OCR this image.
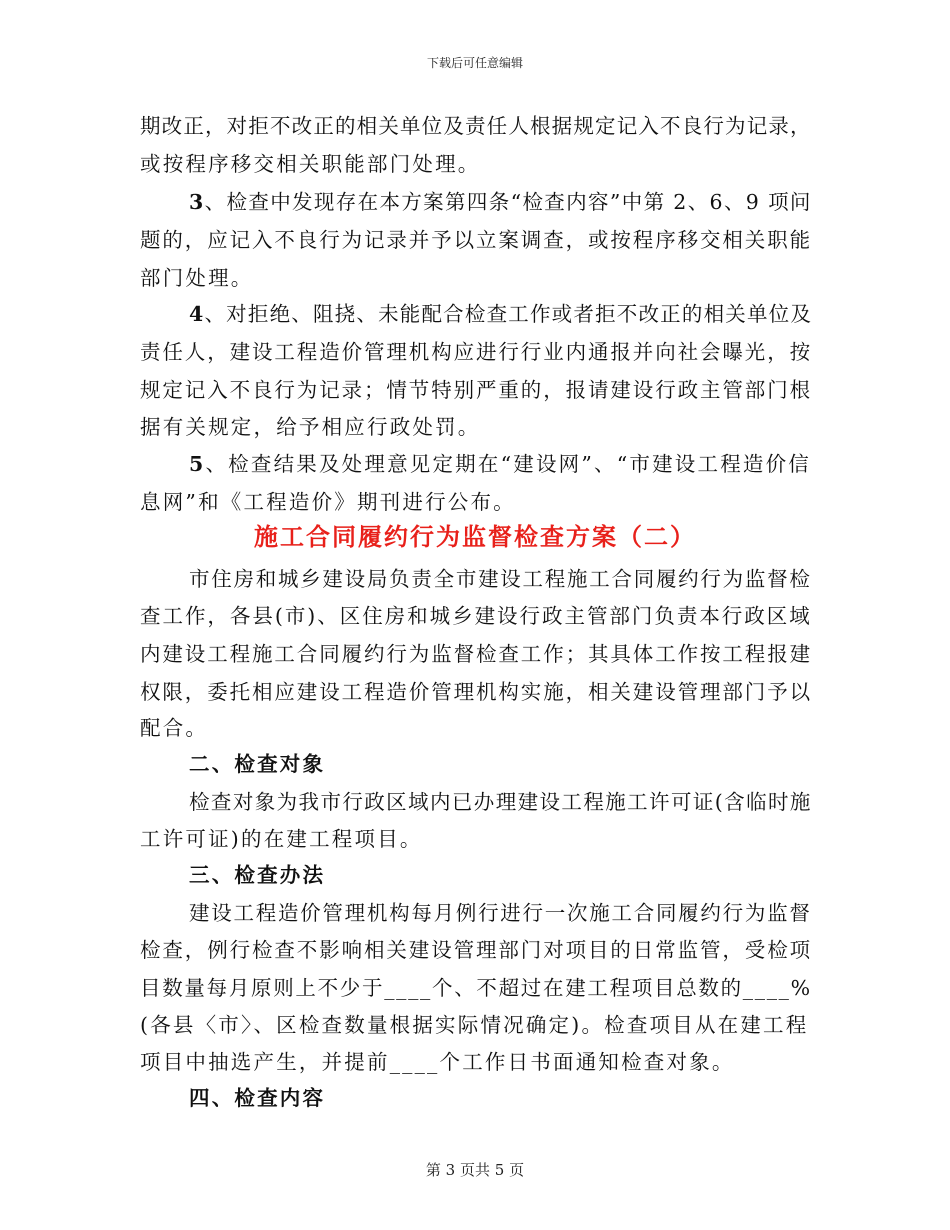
下载后可任意编辑
期改正，对拒不改正的相关单位及责任人根据规定记入不良行为记录，
或按程序移交相关职能部门处理。
3、检查中发现存在本方案第四条“检查内容”中第 2、6、9 项问
题的，应记入不良行为记录并予以立案调查，或按程序移交相关职能
部门处理。
4、对拒绝、阻挠、未能配合检查工作或者拒不改正的相关单位及
责任人，建设工程造价管理机构应进行行业内通报并向社会曝光，按
规定记入不良行为记录；情节特别严重的，报请建设行政主管部门根
据有关规定，给予相应行政处罚。
5、检查结果及处理意见定期在“建设网”、“市建设工程造价信
息网”和《工程造价》期刊进行公布。
施工合同履约行为监督检查方案（二）
市住房和城乡建设局负责全市建设工程施工合同履约行为监督检
查工作，各县(市)、区住房和城乡建设行政主管部门负责本行政区域
内建设工程施工合同履约行为监督检查工作；其具体工作按工程报建
权限，委托相应建设工程造价管理机构实施，相关建设管理部门予以
配合。
二、检查对象
检查对象为我市行政区域内已办理建设工程施工许可证(含临时施
工许可证)的在建工程项目。
三、检查办法
建设工程造价管理机构每月例行进行一次施工合同履约行为监督
检查，例行检查不影响相关建设管理部门对项目的日常监管，受检项
目数量每月原则上不少于____个、不超过在建工程项目总数的____%
(各县〈市〉、区检查数量根据实际情况确定)。检查项目从在建工程
项目中抽选产生，并提前____个工作日书面通知检查对象。
四、检查内容
第 3 页共 5 页
